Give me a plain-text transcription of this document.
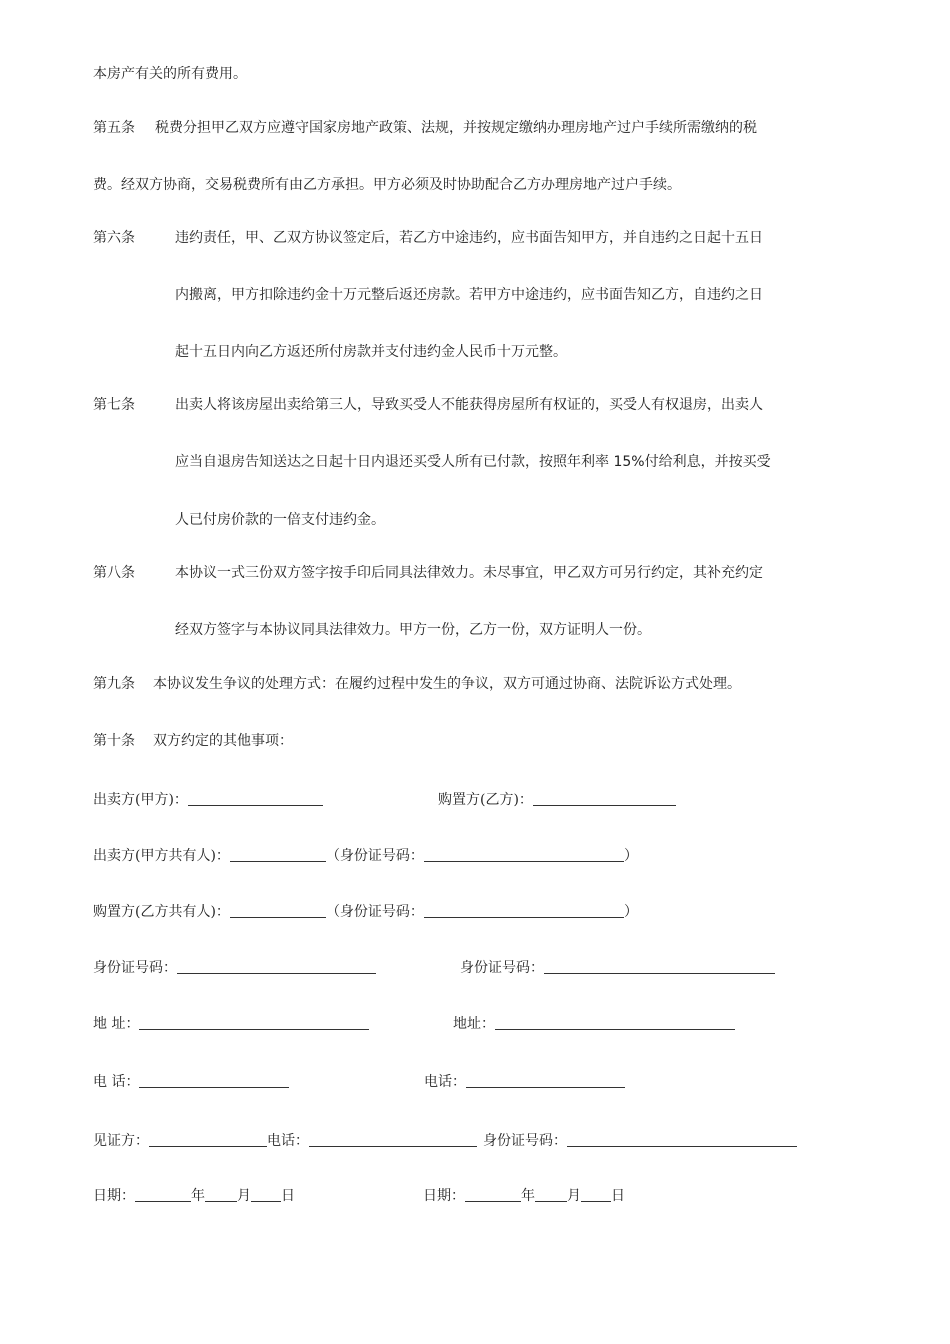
本房产有关的所有费用。
第五条 税费分担甲乙双方应遵守国家房地产政策、法规，并按规定缴纳办理房地产过户手续所需缴纳的税
费。经双方协商，交易税费所有由乙方承担。甲方必须及时协助配合乙方办理房地产过户手续。
第六条	违约责任，甲、乙双方协议签定后，若乙方中途违约，应书面告知甲方，并自违约之日起十五日
内搬离，甲方扣除违约金十万元整后返还房款。若甲方中途违约，应书面告知乙方，自违约之日
起十五日内向乙方返还所付房款并支付违约金人民币十万元整。
第七条	出卖人将该房屋出卖给第三人，导致买受人不能获得房屋所有权证的，买受人有权退房，出卖人
应当自退房告知送达之日起十日内退还买受人所有已付款，按照年利率 15%付给利息，并按买受
人已付房价款的一倍支付违约金。
第八条	本协议一式三份双方签字按手印后同具法律效力。未尽事宜，甲乙双方可另行约定，其补充约定
经双方签字与本协议同具法律效力。甲方一份，乙方一份，双方证明人一份。
第九条 本协议发生争议的处理方式：在履约过程中发生的争议，双方可通过协商、法院诉讼方式处理。
第十条 双方约定的其他事项：
出卖方(甲方)：	购置方(乙方)：
出卖方(甲方共有人)：	（身份证号码：	）
购置方(乙方共有人)：	（身份证号码：	）
身份证号码：	身份证号码：
地 址：	地址：
电 话：	电话：
见证方：	电话：	身份证号码：
日期：	年 月 日	日期：	年 月 日
